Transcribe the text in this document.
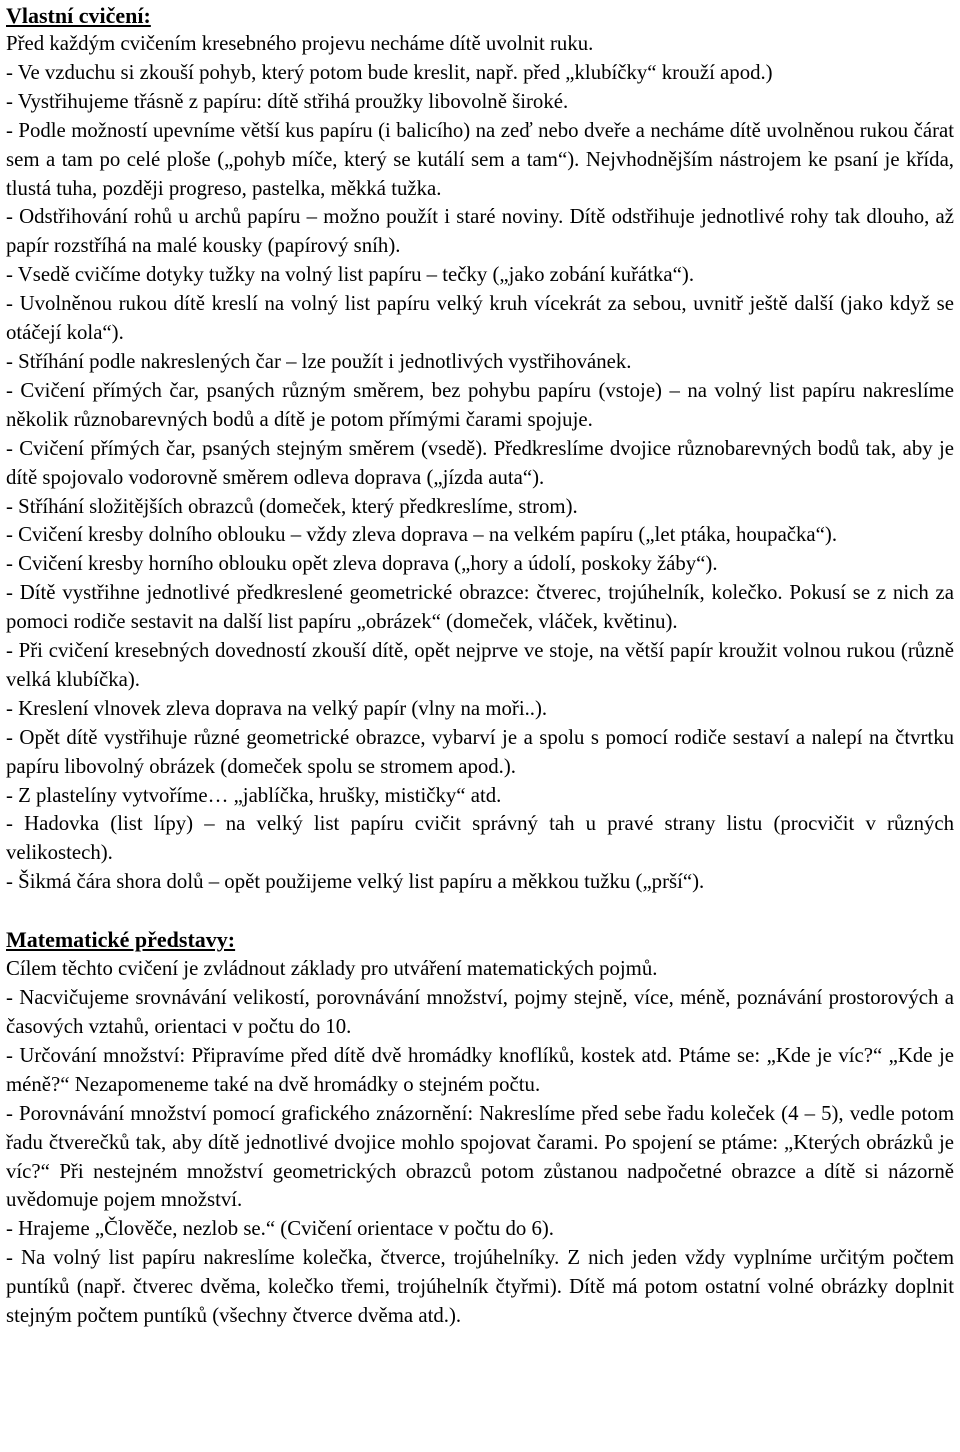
Vlastní cvičení:

Před každým cvičením kresebného projevu necháme dítě uvolnit ruku.

- Ve vzduchu si zkouší pohyb, který potom bude kreslit, např. před „klubíčky“ krouží apod.)

- Vystřihujeme třásně z papíru: dítě střihá proužky libovolně široké.

- Podle možností upevníme větší kus papíru (i balicího) na zeď nebo dveře a necháme dítě uvolněnou rukou čárat sem a tam po celé ploše („pohyb míče, který se kutálí sem a tam“). Nejvhodnějším nástrojem ke psaní je křída, tlustá tuha, později progreso, pastelka, měkká tužka.

- Odstřihování rohů u archů papíru – možno použít i staré noviny. Dítě odstřihuje jednotlivé rohy tak dlouho, až papír rozstříhá na malé kousky (papírový sníh).

- Vsedě cvičíme dotyky tužky na volný list papíru – tečky („jako zobání kuřátka“).

- Uvolněnou rukou dítě kreslí na volný list papíru velký kruh vícekrát za sebou, uvnitř ještě další (jako když se otáčejí kola“).

- Stříhání podle nakreslených čar – lze použít i jednotlivých vystřihovánek.

- Cvičení přímých čar, psaných různým směrem, bez pohybu papíru (vstoje) – na volný list papíru nakreslíme několik různobarevných bodů a dítě je potom přímými čarami spojuje.

- Cvičení přímých čar, psaných stejným směrem (vsedě). Předkreslíme dvojice různobarevných bodů tak, aby je dítě spojovalo vodorovně směrem odleva doprava („jízda auta“).

- Stříhání složitějších obrazců (domeček, který předkreslíme, strom).

- Cvičení kresby dolního oblouku – vždy zleva doprava – na velkém papíru („let ptáka, houpačka“).

- Cvičení kresby horního oblouku opět zleva doprava („hory a údolí, poskoky žáby“).

- Dítě vystřihne jednotlivé předkreslené geometrické obrazce: čtverec, trojúhelník, kolečko. Pokusí se z nich za pomoci rodiče sestavit na další list papíru „obrázek“ (domeček, vláček, květinu).

- Při cvičení kresebných dovedností zkouší dítě, opět nejprve ve stoje, na větší papír kroužit volnou rukou (různě velká klubíčka).

- Kreslení vlnovek zleva doprava na velký papír (vlny na moři..).

- Opět dítě vystřihuje různé geometrické obrazce, vybarví je a spolu s pomocí rodiče sestaví a nalepí na čtvrtku papíru libovolný obrázek (domeček spolu se stromem apod.).

- Z plastelíny vytvoříme… „jablíčka, hrušky, mističky“ atd.

- Hadovka (list lípy) – na velký list papíru cvičit správný tah u pravé strany listu (procvičit v různých velikostech).

- Šikmá čára shora dolů – opět použijeme velký list papíru a měkkou tužku („prší“).

Matematické představy:

Cílem těchto cvičení je zvládnout základy pro utváření matematických pojmů.

- Nacvičujeme srovnávání velikostí, porovnávání množství, pojmy stejně, více, méně, poznávání prostorových a časových vztahů, orientaci v počtu do 10.

- Určování množství: Připravíme před dítě dvě hromádky knoflíků, kostek atd. Ptáme se: „Kde je víc?“ „Kde je méně?“ Nezapomeneme také na dvě hromádky o stejném počtu.

- Porovnávání množství pomocí grafického znázornění: Nakreslíme před sebe řadu koleček (4 – 5), vedle potom řadu čtverečků tak, aby dítě jednotlivé dvojice mohlo spojovat čarami. Po spojení se ptáme: „Kterých obrázků je víc?“ Při nestejném množství geometrických obrazců potom zůstanou nadpočetné obrazce a dítě si názorně uvědomuje pojem množství.

- Hrajeme „Člověče, nezlob se.“ (Cvičení orientace v počtu do 6).

- Na volný list papíru nakreslíme kolečka, čtverce, trojúhelníky. Z nich jeden vždy vyplníme určitým počtem puntíků (např. čtverec dvěma, kolečko třemi, trojúhelník čtyřmi). Dítě má potom ostatní volné obrázky doplnit stejným počtem puntíků (všechny čtverce dvěma atd.).
